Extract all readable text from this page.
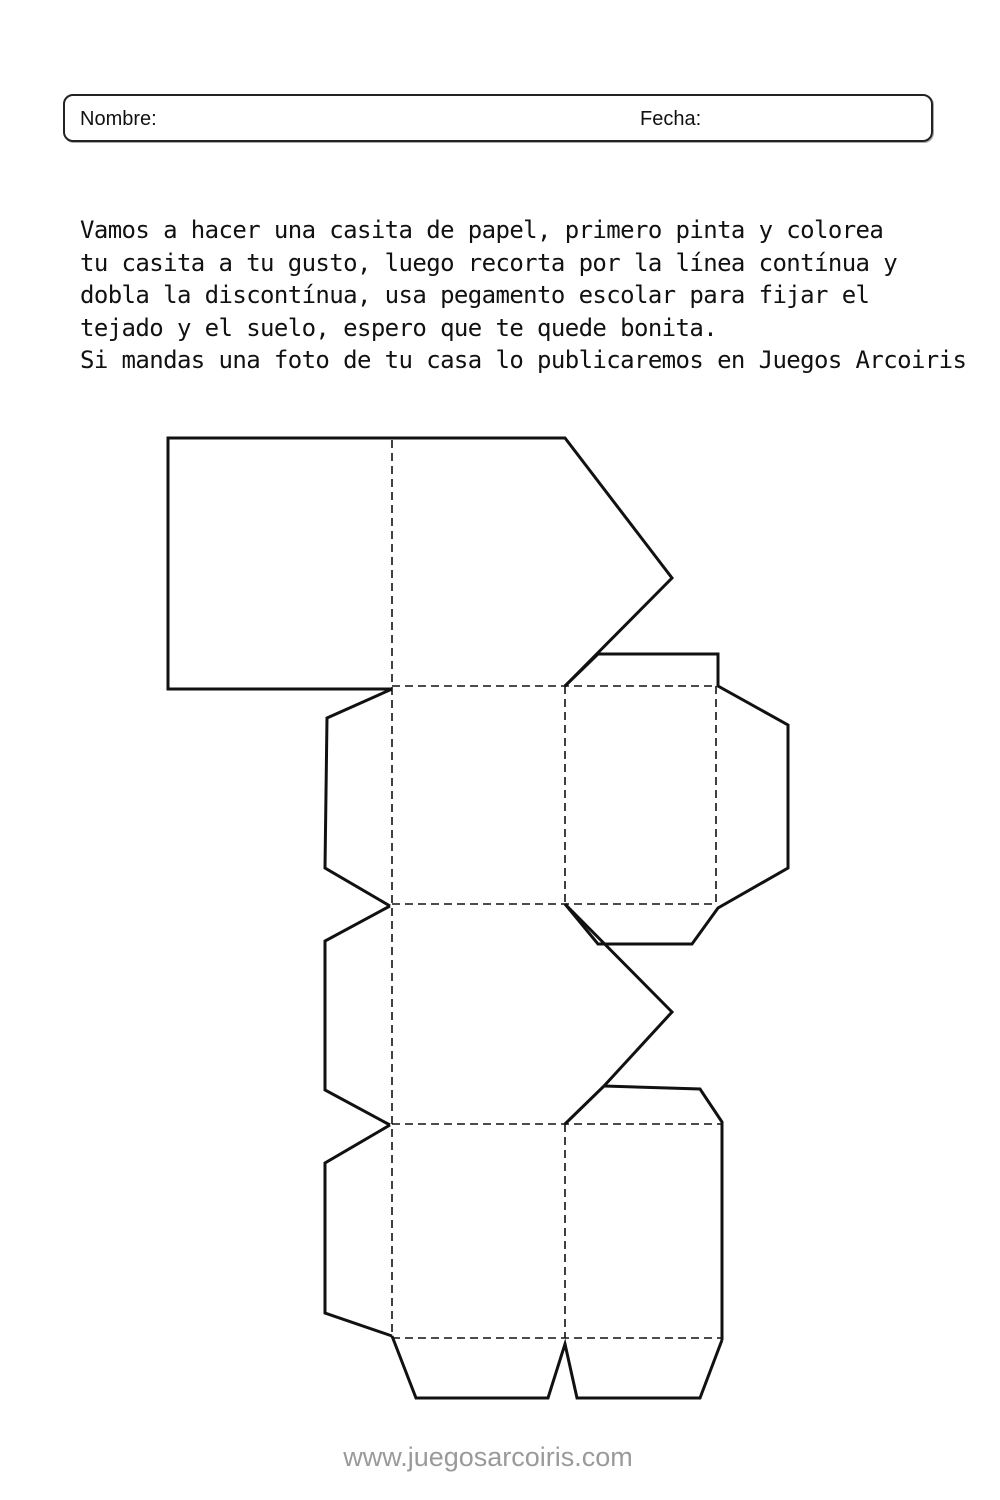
Nombre:	Fecha:
Vamos a hacer una casita de papel, primero pinta y colorea
tu casita a tu gusto, luego recorta por la línea contínua y
dobla la discontínua, usa pegamento escolar para fijar el
tejado y el suelo, espero que te quede bonita.
Si mandas una foto de tu casa lo publicaremos en Juegos Arcoiris
www.juegosarcoiris.com
